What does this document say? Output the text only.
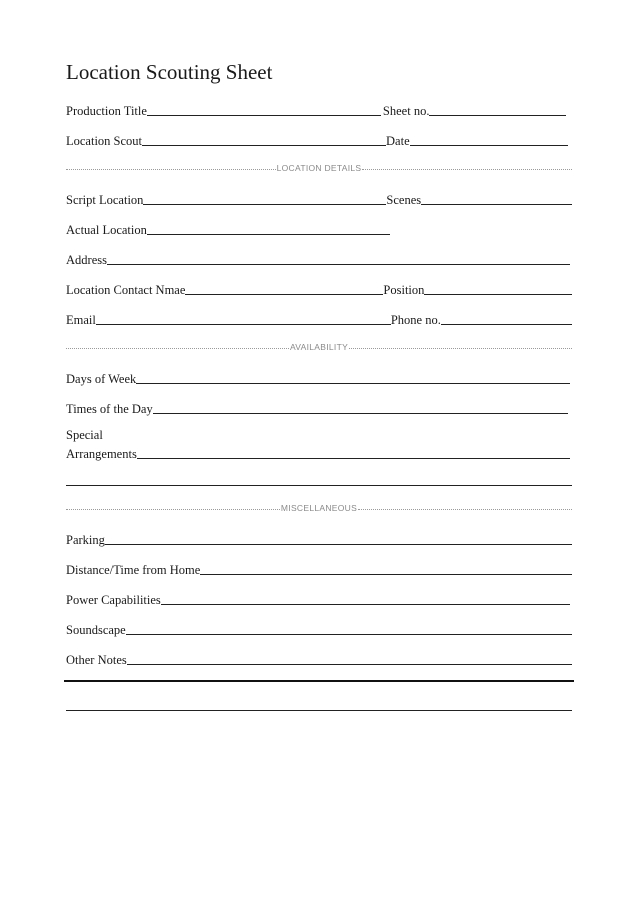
Location Scouting Sheet
Production Title	Sheet no.
Location Scout	Date
LOCATION DETAILS
Script Location	Scenes
Actual Location
Address
Location Contact Nmae	Position
Email	Phone no.
AVAILABILITY
Days of Week
Times of the Day
Special
Arrangements
MISCELLANEOUS
Parking
Distance/Time from Home
Power Capabilities
Soundscape
Other Notes
